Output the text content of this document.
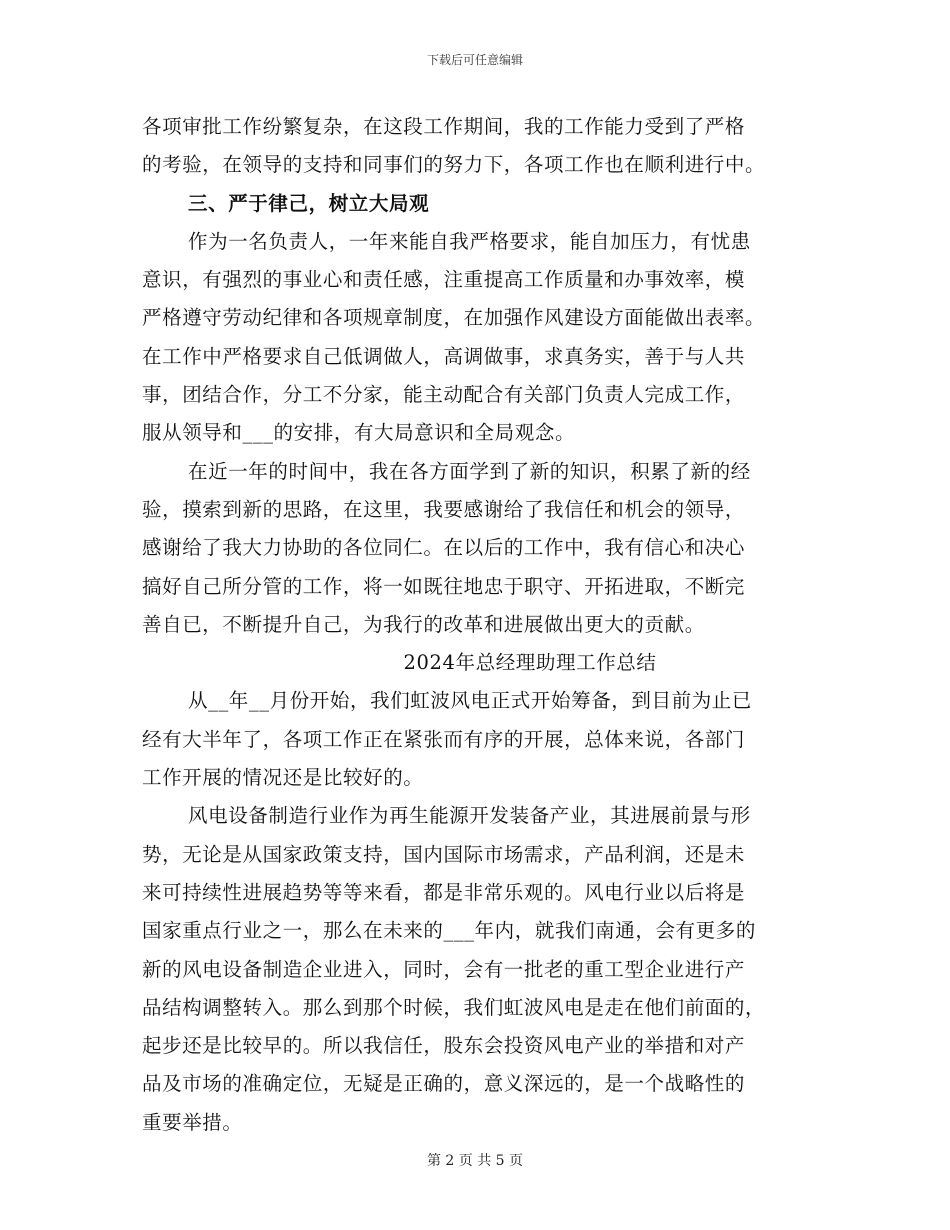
下载后可任意编辑
各项审批工作纷繁复杂，在这段工作期间，我的工作能力受到了严格
的考验，在领导的支持和同事们的努力下，各项工作也在顺利进行中。
三、严于律己，树立大局观
作为一名负责人，一年来能自我严格要求，能自加压力，有忧患
意识，有强烈的事业心和责任感，注重提高工作质量和办事效率，模
严格遵守劳动纪律和各项规章制度，在加强作风建设方面能做出表率。
在工作中严格要求自己低调做人，高调做事，求真务实，善于与人共
事，团结合作，分工不分家，能主动配合有关部门负责人完成工作，
服从领导和___的安排，有大局意识和全局观念。
在近一年的时间中，我在各方面学到了新的知识，积累了新的经
验，摸索到新的思路，在这里，我要感谢给了我信任和机会的领导，
感谢给了我大力协助的各位同仁。在以后的工作中，我有信心和决心
搞好自己所分管的工作，将一如既往地忠于职守、开拓进取，不断完
善自已，不断提升自己，为我行的改革和进展做出更大的贡献。
2024年总经理助理工作总结
从__年__月份开始，我们虹波风电正式开始筹备，到目前为止已
经有大半年了，各项工作正在紧张而有序的开展，总体来说，各部门
工作开展的情况还是比较好的。
风电设备制造行业作为再生能源开发装备产业，其进展前景与形
势，无论是从国家政策支持，国内国际市场需求，产品利润，还是未
来可持续性进展趋势等等来看，都是非常乐观的。风电行业以后将是
国家重点行业之一，那么在未来的___年内，就我们南通，会有更多的
新的风电设备制造企业进入，同时，会有一批老的重工型企业进行产
品结构调整转入。那么到那个时候，我们虹波风电是走在他们前面的，
起步还是比较早的。所以我信任，股东会投资风电产业的举措和对产
品及市场的准确定位，无疑是正确的，意义深远的，是一个战略性的
重要举措。
第 2 页 共 5 页
